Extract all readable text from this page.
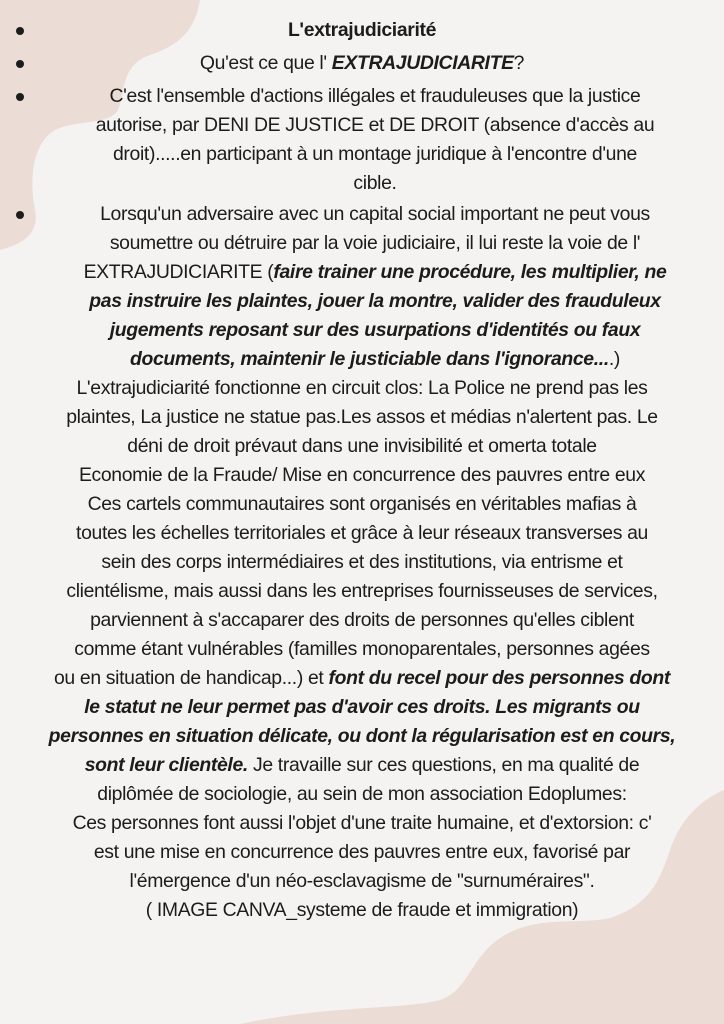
L'extrajudiciarité
Qu'est ce que l' EXTRAJUDICIARITE?
C'est l'ensemble d'actions illégales et frauduleuses que la justice
autorise, par DENI DE JUSTICE et DE DROIT (absence d'accès au
droit).....en participant à un montage juridique à l'encontre d'une
cible.
Lorsqu'un adversaire avec un capital social important ne peut vous
soumettre ou détruire par la voie judiciaire, il lui reste la voie de l'
EXTRAJUDICIARITE (faire trainer une procédure, les multiplier, ne
pas instruire les plaintes, jouer la montre, valider des frauduleux
jugements reposant sur des usurpations d'identités ou faux
documents, maintenir le justiciable dans l'ignorance....)
L'extrajudiciarité fonctionne en circuit clos: La Police ne prend pas les
plaintes, La justice ne statue pas.Les assos et médias n'alertent pas. Le
déni de droit prévaut dans une invisibilité et omerta totale
Economie de la Fraude/ Mise en concurrence des pauvres entre eux
Ces cartels communautaires sont organisés en véritables mafias à
toutes les échelles territoriales et grâce à leur réseaux transverses au
sein des corps intermédiaires et des institutions, via entrisme et
clientélisme, mais aussi dans les entreprises fournisseuses de services,
parviennent à s'accaparer des droits de personnes qu'elles ciblent
comme étant vulnérables (familles monoparentales, personnes agées
ou en situation de handicap...) et font du recel pour des personnes dont
le statut ne leur permet pas d'avoir ces droits. Les migrants ou
personnes en situation délicate, ou dont la régularisation est en cours,
sont leur clientèle. Je travaille sur ces questions, en ma qualité de
diplômée de sociologie, au sein de mon association Edoplumes:
Ces personnes font aussi l'objet d'une traite humaine, et d'extorsion: c'
est une mise en concurrence des pauvres entre eux, favorisé par
l'émergence d'un néo-esclavagisme de "surnuméraires".
( IMAGE CANVA_systeme de fraude et immigration)
